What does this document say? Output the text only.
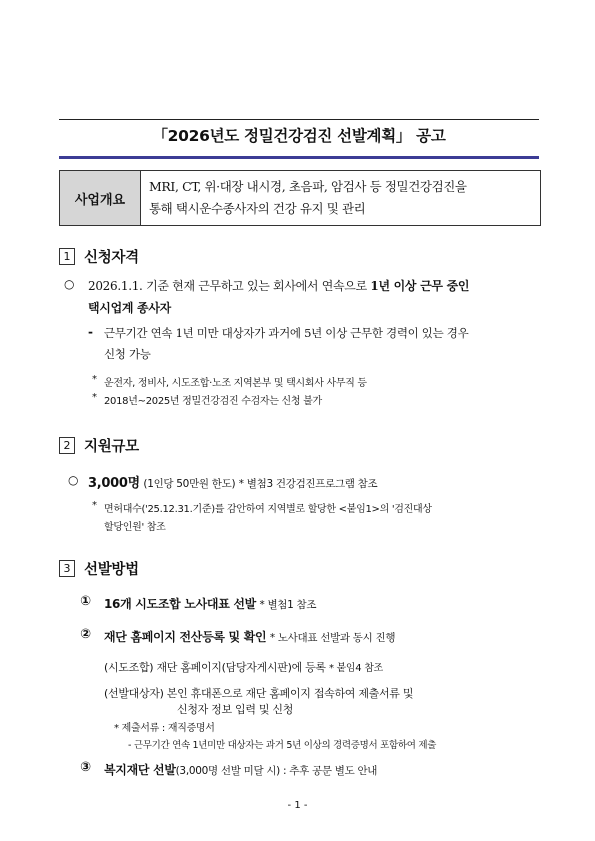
「2026년도 정밀건강검진 선발계획」 공고
사업개요
MRI, CT, 위·대장 내시경, 초음파, 암검사 등 정밀건강검진을
통해 택시운수종사자의 건강 유지 및 관리
1 신청자격
○ 2026.1.1. 기준 현재 근무하고 있는 회사에서 연속으로 1년 이상 근무 중인
택시업계 종사자
- 근무기간 연속 1년 미만 대상자가 과거에 5년 이상 근무한 경력이 있는 경우
신청 가능
* 운전자, 정비사, 시도조합·노조 지역본부 및 택시회사 사무직 등
* 2018년~2025년 정밀건강검진 수검자는 신청 불가
2 지원규모
○ 3,000명 (1인당 50만원 한도) * 별첨3 건강검진프로그램 참조
* 면허대수('25.12.31.기준)를 감안하여 지역별로 할당한 <붙임1>의 '검진대상
할당인원' 참조
3 선발방법
① 16개 시도조합 노사대표 선발 * 별첨1 참조
② 재단 홈페이지 전산등록 및 확인 * 노사대표 선발과 동시 진행
(시도조합) 재단 홈페이지(담당자게시판)에 등록 * 붙임4 참조
(선발대상자) 본인 휴대폰으로 재단 홈페이지 접속하여 제출서류 및
신청자 정보 입력 및 신청
* 제출서류 : 재직증명서
- 근무기간 연속 1년미만 대상자는 과거 5년 이상의 경력증명서 포함하여 제출
③ 복지재단 선발(3,000명 선발 미달 시) : 추후 공문 별도 안내
- 1 -
